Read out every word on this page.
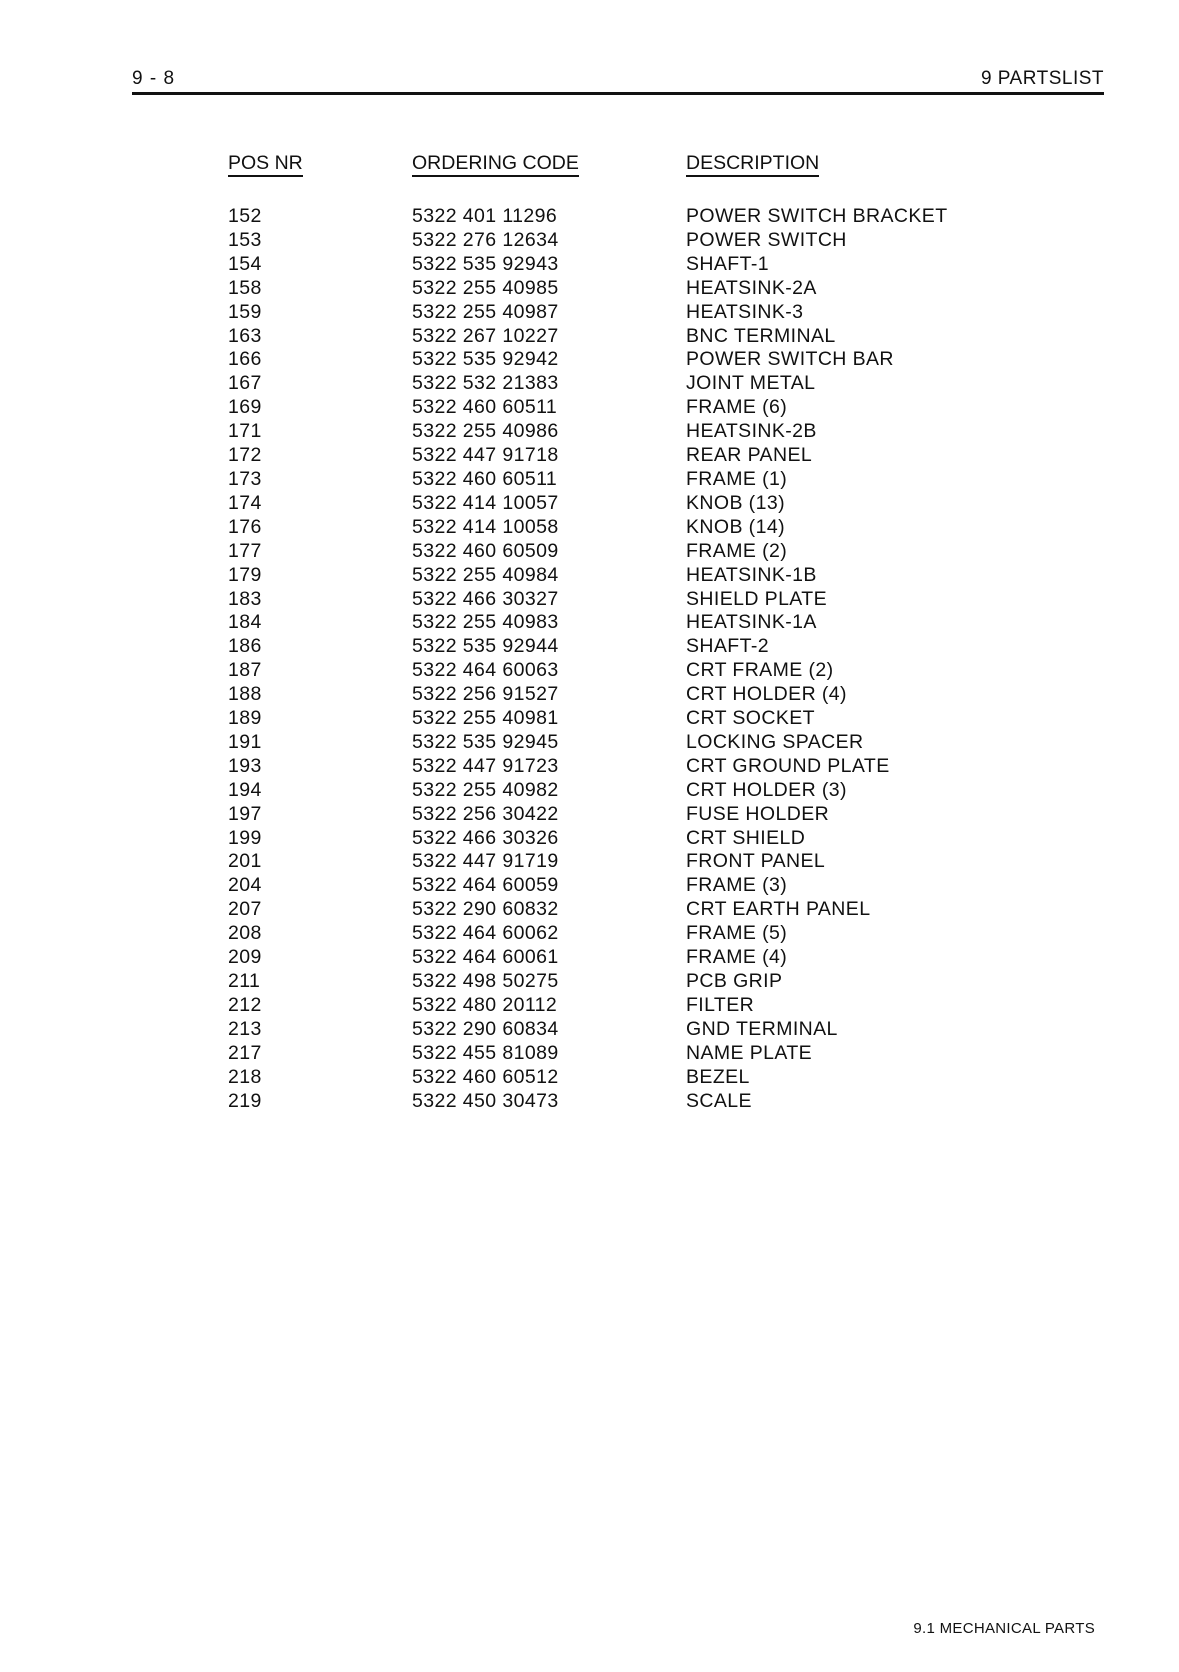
9 - 8	9 PARTSLIST
POS NR	ORDERING CODE	DESCRIPTION

152	5322 401 11296	POWER SWITCH BRACKET
153	5322 276 12634	POWER SWITCH
154	5322 535 92943	SHAFT-1
158	5322 255 40985	HEATSINK-2A
159	5322 255 40987	HEATSINK-3
163	5322 267 10227	BNC TERMINAL
166	5322 535 92942	POWER SWITCH BAR
167	5322 532 21383	JOINT METAL
169	5322 460 60511	FRAME (6)
171	5322 255 40986	HEATSINK-2B
172	5322 447 91718	REAR PANEL
173	5322 460 60511	FRAME (1)
174	5322 414 10057	KNOB (13)
176	5322 414 10058	KNOB (14)
177	5322 460 60509	FRAME (2)
179	5322 255 40984	HEATSINK-1B
183	5322 466 30327	SHIELD PLATE
184	5322 255 40983	HEATSINK-1A
186	5322 535 92944	SHAFT-2
187	5322 464 60063	CRT FRAME (2)
188	5322 256 91527	CRT HOLDER (4)
189	5322 255 40981	CRT SOCKET
191	5322 535 92945	LOCKING SPACER
193	5322 447 91723	CRT GROUND PLATE
194	5322 255 40982	CRT HOLDER (3)
197	5322 256 30422	FUSE HOLDER
199	5322 466 30326	CRT SHIELD
201	5322 447 91719	FRONT PANEL
204	5322 464 60059	FRAME (3)
207	5322 290 60832	CRT EARTH PANEL
208	5322 464 60062	FRAME (5)
209	5322 464 60061	FRAME (4)
211	5322 498 50275	PCB GRIP
212	5322 480 20112	FILTER
213	5322 290 60834	GND TERMINAL
217	5322 455 81089	NAME PLATE
218	5322 460 60512	BEZEL
219	5322 450 30473	SCALE
9.1 MECHANICAL PARTS
